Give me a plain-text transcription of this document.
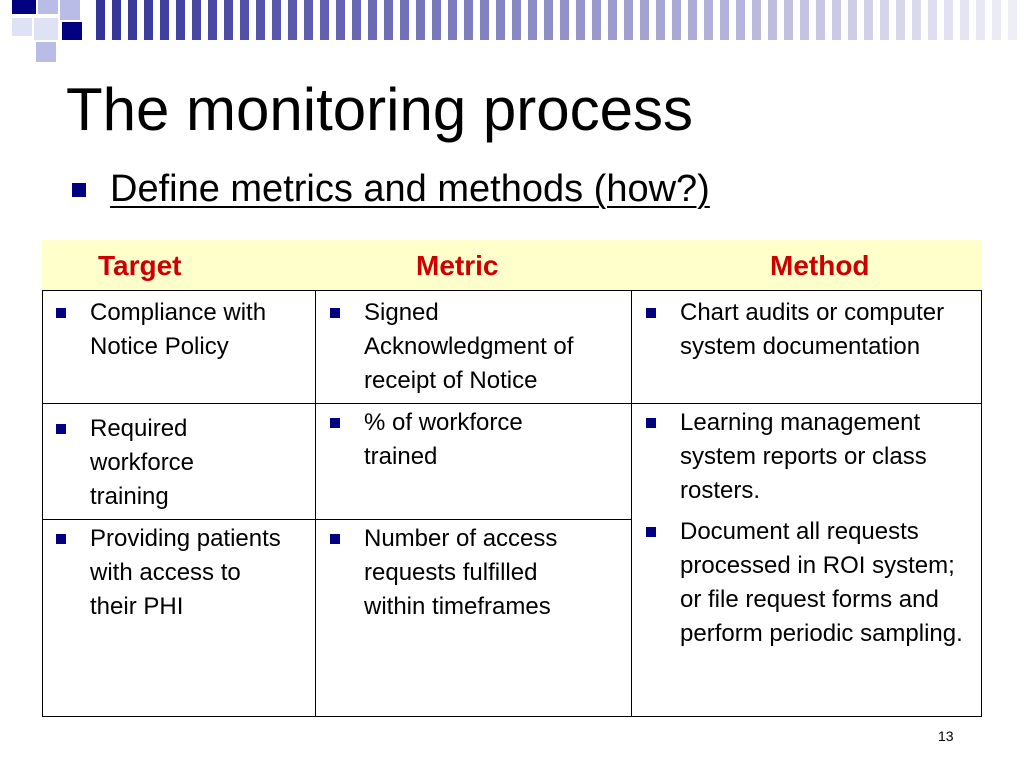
The monitoring process
Define metrics and methods (how?)
Target	Metric	Method
Compliance with Notice Policy
Signed Acknowledgment of receipt of Notice
Chart audits or computer system documentation
Required workforce training
% of workforce trained
Learning management system reports or class rosters.
Providing patients with access to their PHI
Number of access requests fulfilled within timeframes
Document all requests processed in ROI system; or file request forms and perform periodic sampling.
13
